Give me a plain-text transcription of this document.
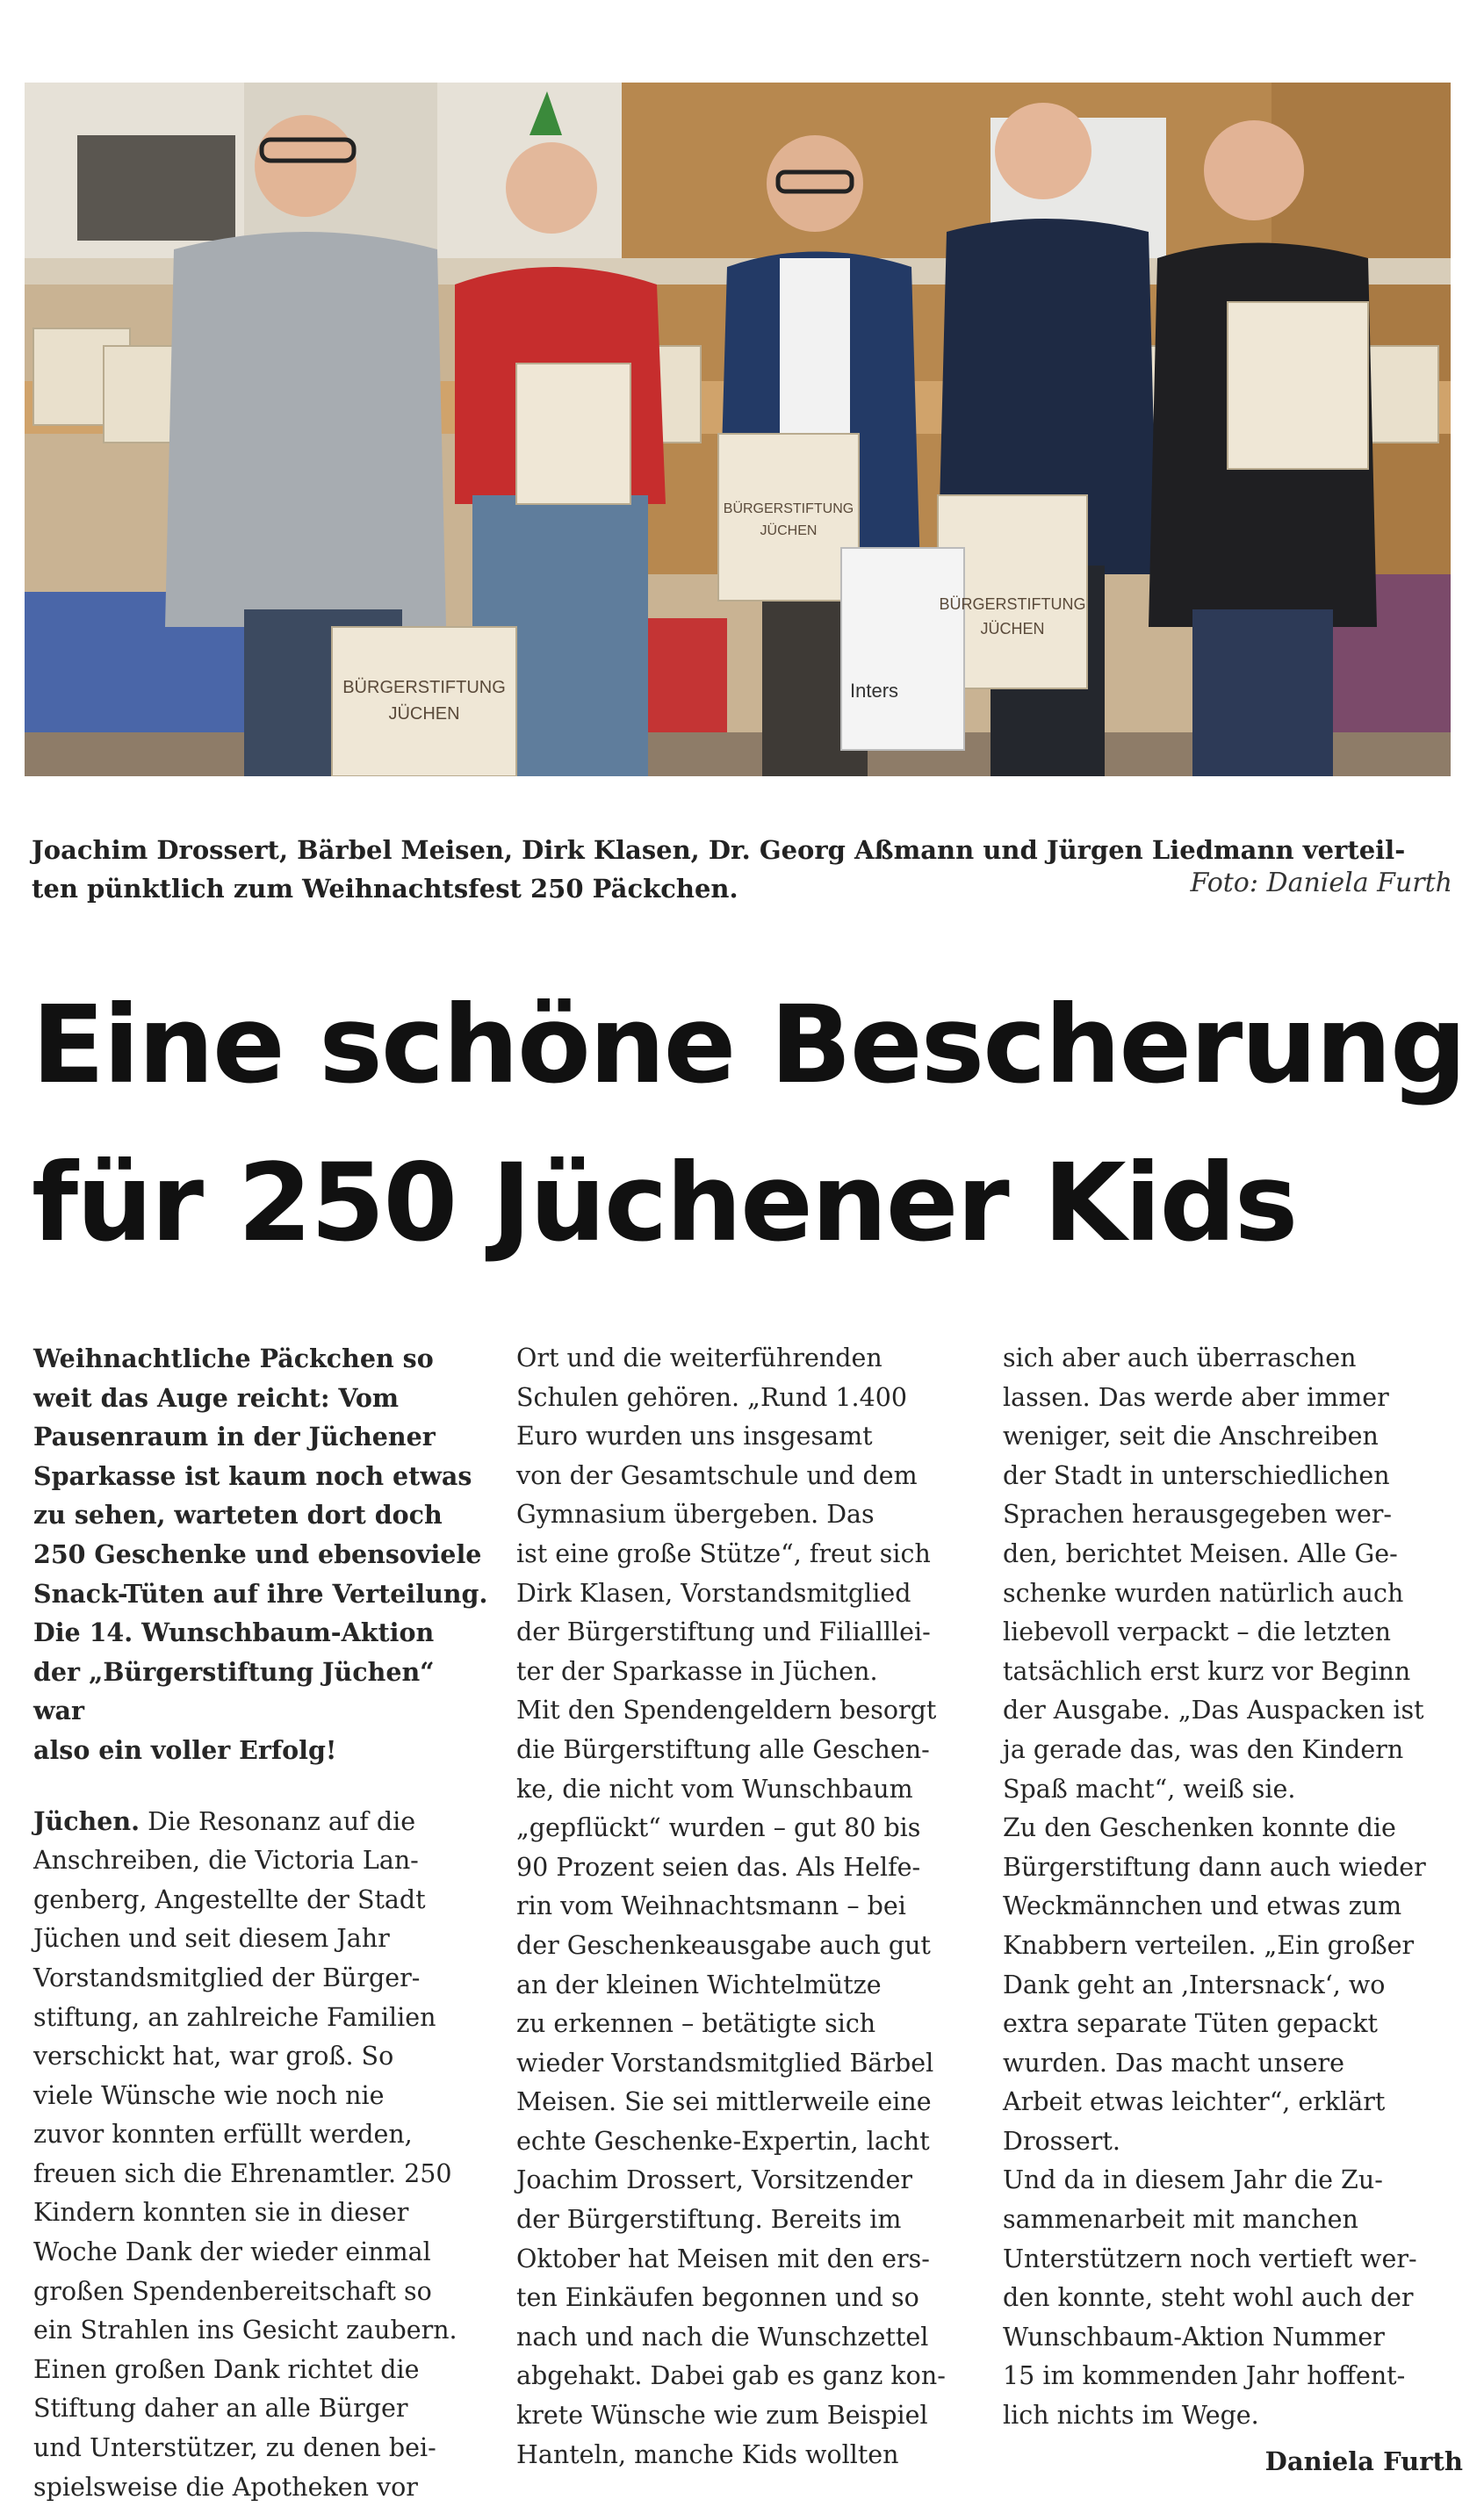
Inters
BÜRGERSTIFTUNG
JÜCHEN
BÜRGERSTIFTUNG
JÜCHEN
BÜRGERSTIFTUNG
JÜCHEN
Joachim Drossert, Bärbel Meisen, Dirk Klasen, Dr. Georg Aßmann und Jürgen Liedmann verteil-
ten pünktlich zum Weihnachtsfest 250 Päckchen.	Foto: Daniela Furth
Eine schöne Bescherung
für 250 Jüchener Kids

Weihnachtliche Päckchen so
weit das Auge reicht: Vom
Pausenraum in der Jüchener
Sparkasse ist kaum noch etwas
zu sehen, warteten dort doch
250 Geschenke und ebensoviele
Snack-Tüten auf ihre Verteilung.
Die 14. Wunschbaum-Aktion
der „Bürgerstiftung Jüchen“ war
also ein voller Erfolg!

Jüchen. Die Resonanz auf die
Anschreiben, die Victoria Lan-
genberg, Angestellte der Stadt
Jüchen und seit diesem Jahr
Vorstandsmitglied der Bürger-
stiftung, an zahlreiche Familien
verschickt hat, war groß. So
viele Wünsche wie noch nie
zuvor konnten erfüllt werden,
freuen sich die Ehrenamtler. 250
Kindern konnten sie in dieser
Woche Dank der wieder einmal
großen Spendenbereitschaft so
ein Strahlen ins Gesicht zaubern.
Einen großen Dank richtet die
Stiftung daher an alle Bürger
und Unterstützer, zu denen bei-
spielsweise die Apotheken vor

Ort und die weiterführenden
Schulen gehören. „Rund 1.400
Euro wurden uns insgesamt
von der Gesamtschule und dem
Gymnasium übergeben. Das
ist eine große Stütze“, freut sich
Dirk Klasen, Vorstandsmitglied
der Bürgerstiftung und Filialllei-
ter der Sparkasse in Jüchen.
Mit den Spendengeldern besorgt
die Bürgerstiftung alle Geschen-
ke, die nicht vom Wunschbaum
„gepflückt“ wurden – gut 80 bis
90 Prozent seien das. Als Helfe-
rin vom Weihnachtsmann – bei
der Geschenkeausgabe auch gut
an der kleinen Wichtelmütze
zu erkennen – betätigte sich
wieder Vorstandsmitglied Bärbel
Meisen. Sie sei mittlerweile eine
echte Geschenke-Expertin, lacht
Joachim Drossert, Vorsitzender
der Bürgerstiftung. Bereits im
Oktober hat Meisen mit den ers-
ten Einkäufen begonnen und so
nach und nach die Wunschzettel
abgehakt. Dabei gab es ganz kon-
krete Wünsche wie zum Beispiel
Hanteln, manche Kids wollten
sich aber auch überraschen
lassen. Das werde aber immer
weniger, seit die Anschreiben
der Stadt in unterschiedlichen
Sprachen herausgegeben wer-
den, berichtet Meisen. Alle Ge-
schenke wurden natürlich auch
liebevoll verpackt – die letzten
tatsächlich erst kurz vor Beginn
der Ausgabe. „Das Auspacken ist
ja gerade das, was den Kindern
Spaß macht“, weiß sie.
Zu den Geschenken konnte die
Bürgerstiftung dann auch wieder
Weckmännchen und etwas zum
Knabbern verteilen. „Ein großer
Dank geht an ‚Intersnack‘, wo
extra separate Tüten gepackt
wurden. Das macht unsere
Arbeit etwas leichter“, erklärt
Drossert.
Und da in diesem Jahr die Zu-
sammenarbeit mit manchen
Unterstützern noch vertieft wer-
den konnte, steht wohl auch der
Wunschbaum-Aktion Nummer
15 im kommenden Jahr hoffent-
lich nichts im Wege.
Daniela Furth
